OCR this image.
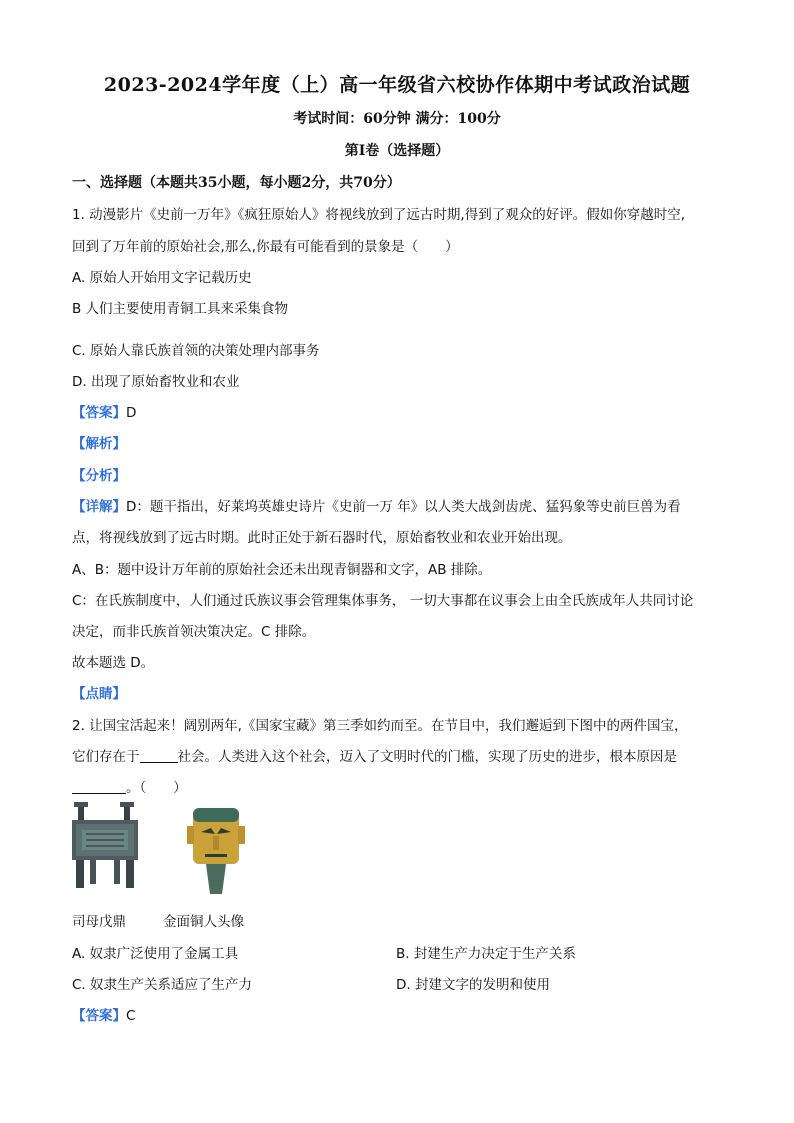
2023-2024学年度（上）高一年级省六校协作体期中考试政治试题
考试时间：60分钟 满分：100分
第Ⅰ卷（选择题）
一、选择题（本题共35小题，每小题2分，共70分）
1. 动漫影片《史前一万年》《疯狂原始人》将视线放到了远古时期,得到了观众的好评。假如你穿越时空,
回到了万年前的原始社会,那么,你最有可能看到的景象是（　　）
A. 原始人开始用文字记载历史
B 人们主要使用青铜工具来采集食物
C. 原始人靠氏族首领的决策处理内部事务
D. 出现了原始畜牧业和农业
【答案】D
【解析】
【分析】
【详解】D：题干指出，好莱坞英雄史诗片《史前一万 年》以人类大战剑齿虎、猛犸象等史前巨兽为看
点，将视线放到了远古时期。此时正处于新石器时代，原始畜牧业和农业开始出现。
A、B：题中设计万年前的原始社会还未出现青铜器和文字，AB 排除。
C：在氏族制度中，人们通过氏族议事会管理集体事务， 一切大事都在议事会上由全氏族成年人共同讨论
决定，而非氏族首领决策决定。C 排除。
故本题选 D。
【点睛】
2. 让国宝活起来！阔别两年,《国家宝藏》第三季如约而至。在节目中，我们邂逅到下图中的两件国宝，
它们存在于	社会。人类进入这个社会，迈入了文明时代的门槛，实现了历史的进步，根本原因是
。（　　）
司母戊鼎	金面铜人头像
A. 奴隶广泛使用了金属工具	B. 封建生产力决定于生产关系
C. 奴隶生产关系适应了生产力	D. 封建文字的发明和使用
【答案】C
